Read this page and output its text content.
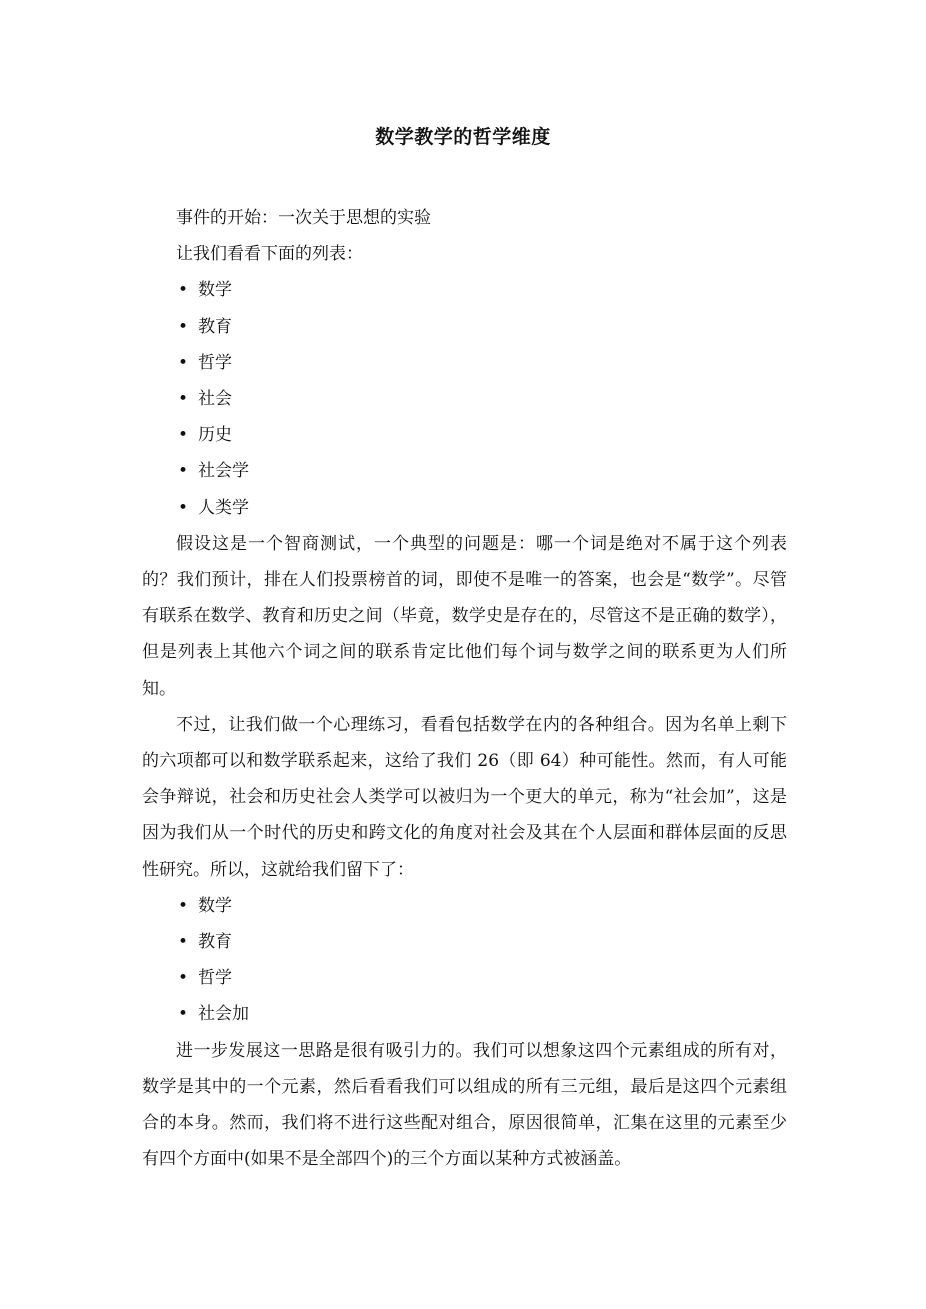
数学教学的哲学维度

事件的开始：一次关于思想的实验

让我们看看下面的列表：

• 数学
• 教育
• 哲学
• 社会
• 历史
• 社会学
• 人类学

假设这是一个智商测试，一个典型的问题是：哪一个词是绝对不属于这个列表的？我们预计，排在人们投票榜首的词，即使不是唯一的答案，也会是“数学”。尽管有联系在数学、教育和历史之间（毕竟，数学史是存在的，尽管这不是正确的数学），但是列表上其他六个词之间的联系肯定比他们每个词与数学之间的联系更为人们所知。

不过，让我们做一个心理练习，看看包括数学在内的各种组合。因为名单上剩下的六项都可以和数学联系起来，这给了我们 26（即 64）种可能性。然而，有人可能会争辩说，社会和历史社会人类学可以被归为一个更大的单元，称为“社会加”，这是因为我们从一个时代的历史和跨文化的角度对社会及其在个人层面和群体层面的反思性研究。所以，这就给我们留下了：

• 数学
• 教育
• 哲学
• 社会加

进一步发展这一思路是很有吸引力的。我们可以想象这四个元素组成的所有对，数学是其中的一个元素，然后看看我们可以组成的所有三元组，最后是这四个元素组合的本身。然而，我们将不进行这些配对组合，原因很简单，汇集在这里的元素至少有四个方面中(如果不是全部四个)的三个方面以某种方式被涵盖。
